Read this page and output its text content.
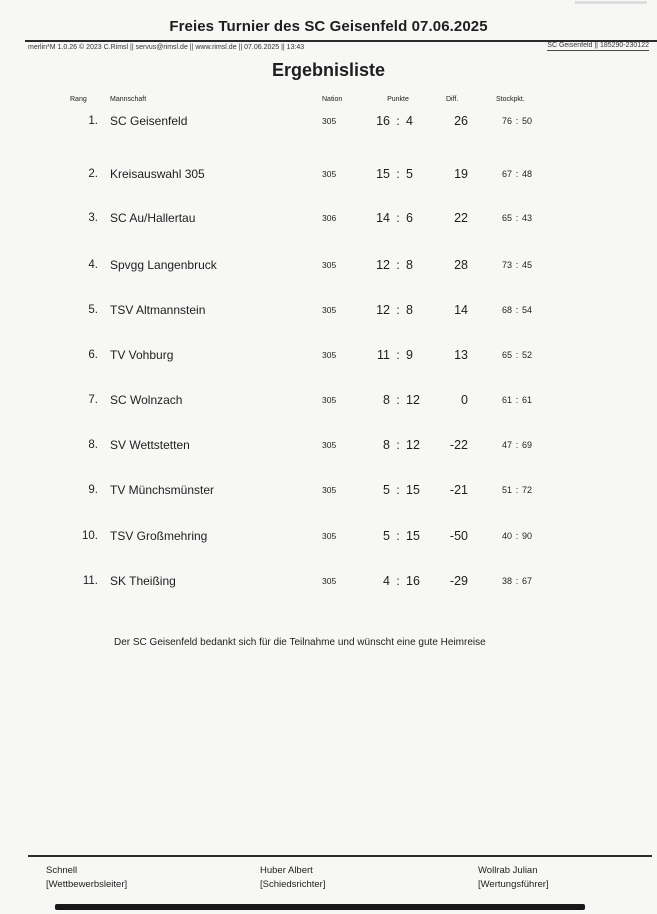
Freies Turnier des SC Geisenfeld 07.06.2025
merlin*M 1.0.26 © 2023 C.Rimsl || servus@rimsl.de || www.rimsl.de || 07.06.2025 || 13:43	SC Geisenfeld || 185290-230122
Ergebnisliste
Rang	Mannschaft	Nation	Punkte	Diff.	Stockpkt.
1. SC Geisenfeld	305	16 : 4	26	76 : 50
2. Kreisauswahl 305	305	15 : 5	19	67 : 48
3. SC Au/Hallertau	306	14 : 6	22	65 : 43
4. Spvgg Langenbruck	305	12 : 8	28	73 : 45
5. TSV Altmannstein	305	12 : 8	14	68 : 54
6. TV Vohburg	305	11 : 9	13	65 : 52
7. SC Wolnzach	305	8 : 12	0	61 : 61
8. SV Wettstetten	305	8 : 12	-22	47 : 69
9. TV Münchsmünster	305	5 : 15	-21	51 : 72
10. TSV Großmehring	305	5 : 15	-50	40 : 90
11. SK Theißing	305	4 : 16	-29	38 : 67
Der SC Geisenfeld bedankt sich für die Teilnahme und wünscht eine gute Heimreise
Schnell
[Wettbewerbsleiter]
Huber Albert
[Schiedsrichter]
Wollrab Julian
[Wertungsführer]
